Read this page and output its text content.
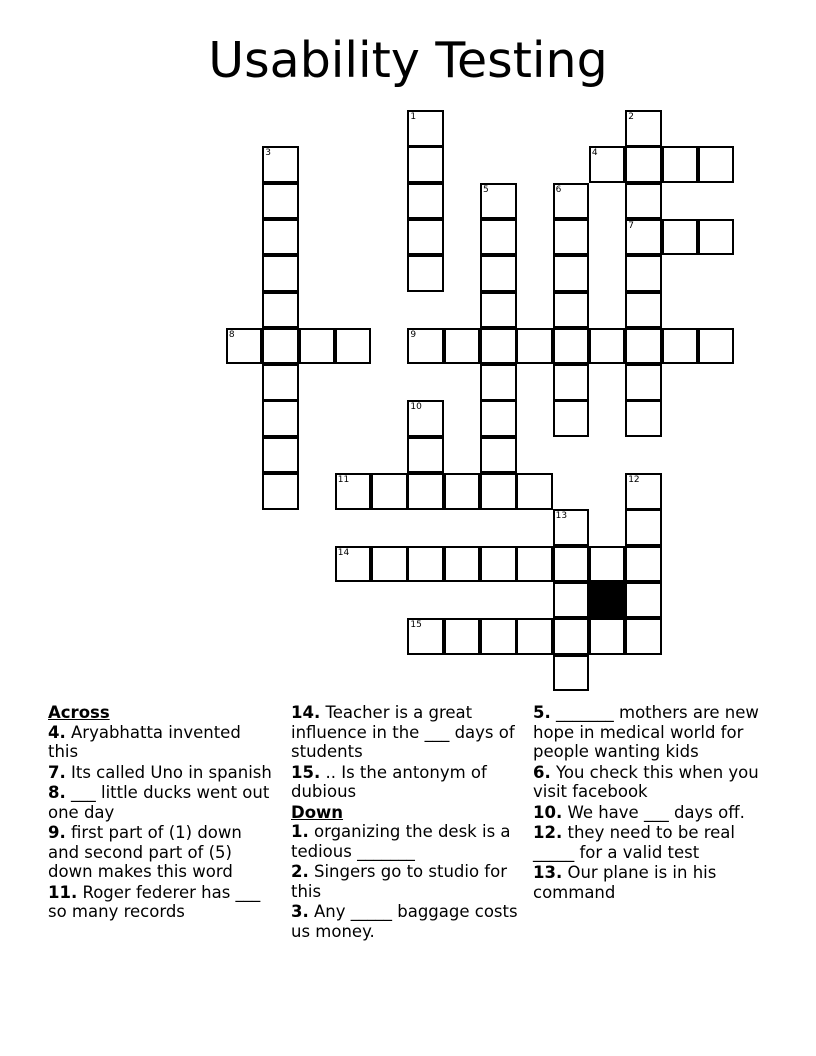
Usability Testing
4
7
8	9
11
14
15
1	2
3
5	6
10
12
13

Across

4. Aryabhatta invented this
7. Its called Uno in spanish
8. ___ little ducks went out one day
9. first part of (1) down and second part of (5) down makes this word
11. Roger federer has ___ so many records
14. Teacher is a great influence in the ___ days of students
15. .. Is the antonym of dubious

Down

1. organizing the desk is a tedious _______
2. Singers go to studio for this
3. Any _____ baggage costs us money.
5. _______ mothers are new hope in medical world for people wanting kids
6. You check this when you visit facebook
10. We have ___ days off.
12. they need to be real _____ for a valid test
13. Our plane is in his command
